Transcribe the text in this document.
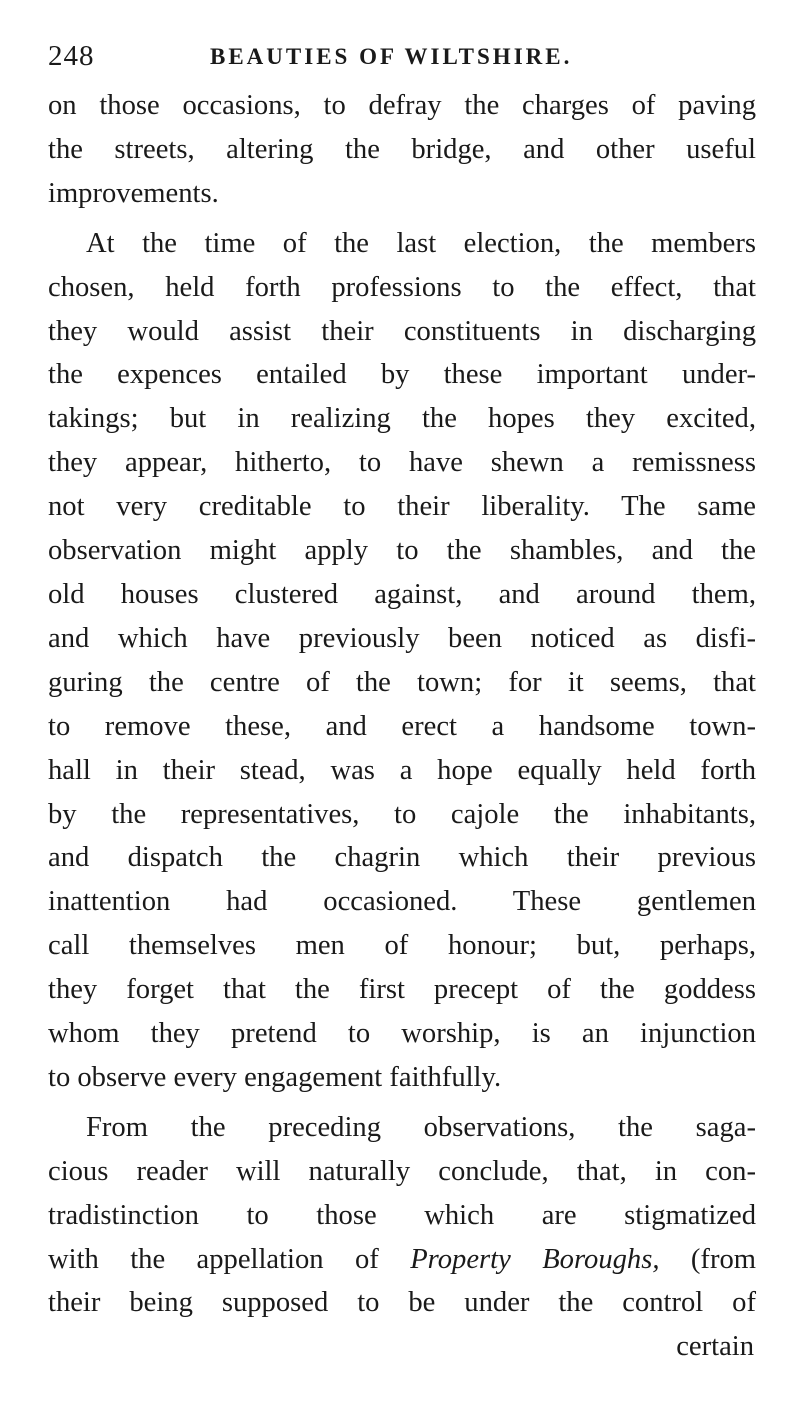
248	BEAUTIES OF WILTSHIRE.
on those occasions, to defray the charges of paving
the streets, altering the bridge, and other useful
improvements.
At the time of the last election, the members
chosen, held forth professions to the effect, that
they would assist their constituents in discharging
the expences entailed by these important under-
takings; but in realizing the hopes they excited,
they appear, hitherto, to have shewn a remissness
not very creditable to their liberality. The same
observation might apply to the shambles, and the
old houses clustered against, and around them,
and which have previously been noticed as disfi-
guring the centre of the town; for it seems, that
to remove these, and erect a handsome town-
hall in their stead, was a hope equally held forth
by the representatives, to cajole the inhabitants,
and dispatch the chagrin which their previous
inattention had occasioned. These gentlemen
call themselves men of honour; but, perhaps,
they forget that the first precept of the goddess
whom they pretend to worship, is an injunction
to observe every engagement faithfully.
From the preceding observations, the saga-
cious reader will naturally conclude, that, in con-
tradistinction to those which are stigmatized
with the appellation of Property Boroughs, (from
their being supposed to be under the control of
certain
